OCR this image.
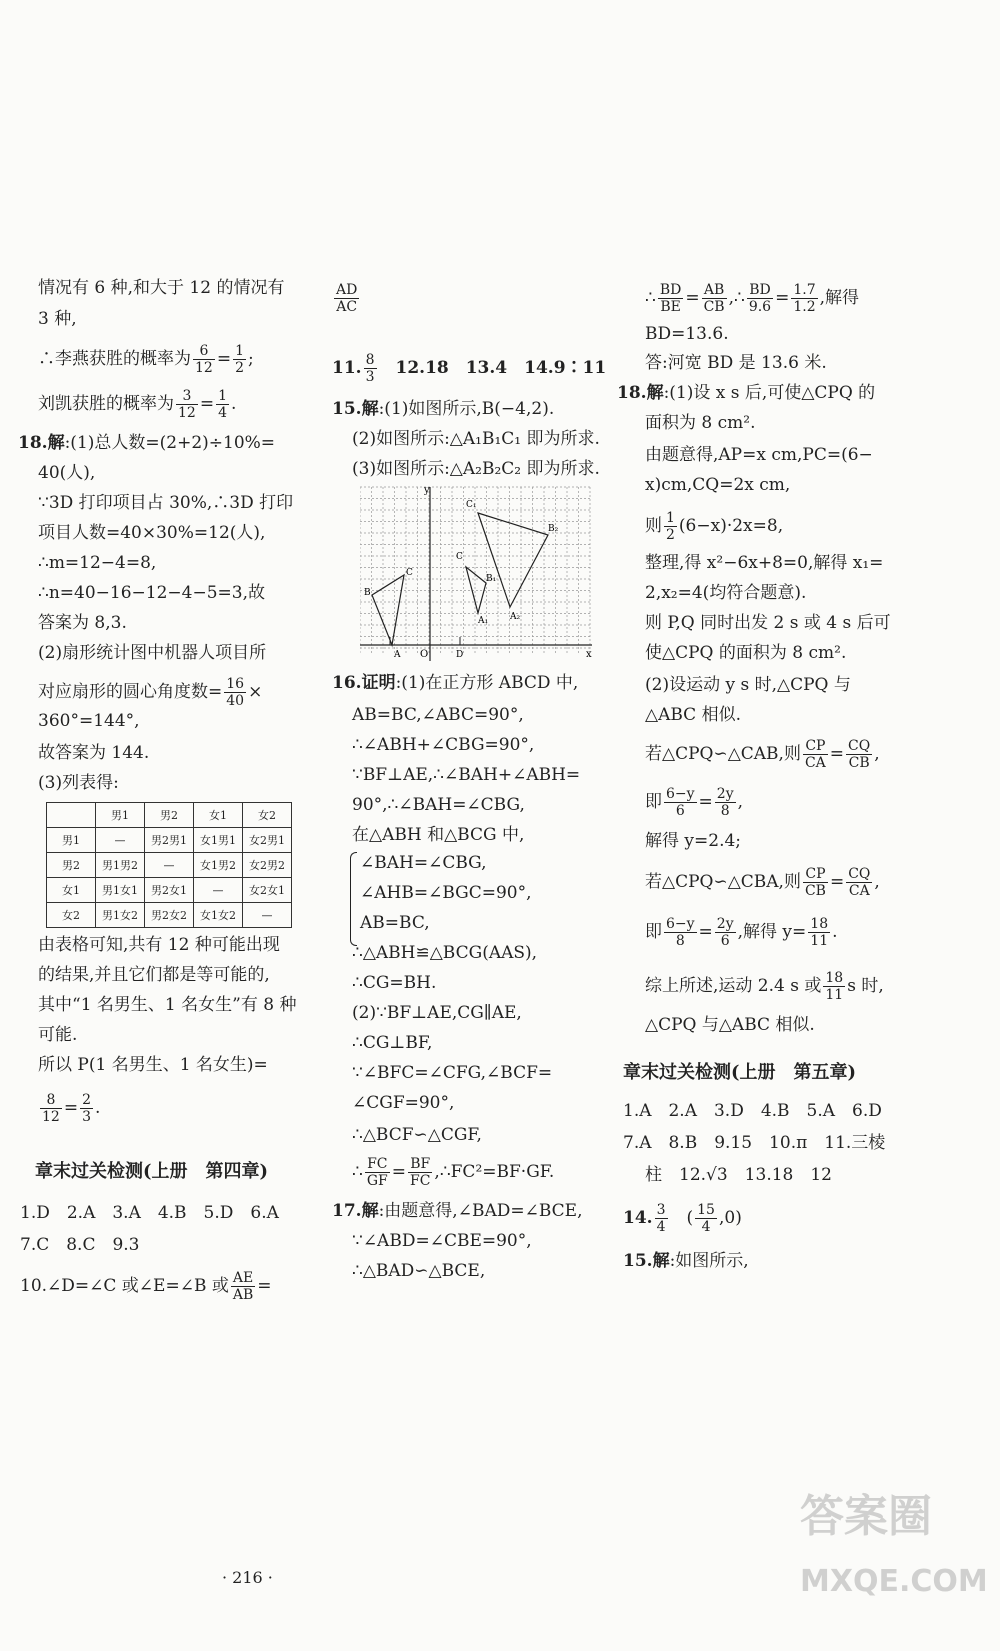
情况有 6 种,和大于 12 的情况有
3 种,
∴李燕获胜的概率为 $\frac{6}{12} = \frac{1}{2}$ ;
刘凯获胜的概率为 $\frac{3}{12} = \frac{1}{4}$ .
18.解:(1)总人数=(2+2)÷10%=
40(人),
∵3D 打印项目占 30%,∴3D 打印
项目人数=40×30%=12(人),
∴m=12−4=8,
∴n=40−16−12−4−5=3,故
答案为 8,3.
(2)扇形统计图中机器人项目所
对应扇形的圆心角度数= $\frac{16}{40}$ ×
360°=144°,
故答案为 144.
(3)列表得:
	男1	男2	女1	女2
男1	—	男2男1	女1男1	女2男1
男2	男1男2	—	女1男2	女2男2
女1	男1女1	男2女1	—	女2女1
女2	男1女2	男2女2	女1女2	—
由表格可知,共有 12 种可能出现
的结果,并且它们都是等可能的,
其中“1 名男生、1 名女生”有 8 种
可能.
所以 P(1 名男生、1 名女生)=
$\frac{8}{12} = \frac{2}{3}$ .
章末过关检测(上册　第四章)
1.D　2.A　3.A　4.B　5.D　6.A
7.C　8.C　9.3
10.∠D=∠C 或∠E=∠B 或 $\frac{AE}{AB}$ =
$\frac{AD}{AC}$
11. $\frac{8}{3}$ 　12.18　13.4　14.9∶11
15.解:(1)如图所示,B(−4,2).
(2)如图所示:△A₁B₁C₁ 即为所求.
(3)如图所示:△A₂B₂C₂ 即为所求.
x
y
O
B
C
A	D
C
B₁
A₁
C₁
B₂
A₂
16.证明:(1)在正方形 ABCD 中,
AB=BC,∠ABC=90°,
∴∠ABH+∠CBG=90°,
∵BF⊥AE,∴∠BAH+∠ABH=
90°,∴∠BAH=∠CBG,
在△ABH 和△BCG 中,
∠BAH=∠CBG,
∠AHB=∠BGC=90°,
AB=BC,
∴△ABH≌△BCG(AAS),
∴CG=BH.
(2)∵BF⊥AE,CG∥AE,
∴CG⊥BF,
∵∠BFC=∠CFG,∠BCF=
∠CGF=90°,
∴△BCF∽△CGF,
∴ $\frac{FC}{GF} = \frac{BF}{FC}$ ,∴FC²=BF·GF.
17.解:由题意得,∠BAD=∠BCE,
∵∠ABD=∠CBE=90°,
∴△BAD∽△BCE,
∴ $\frac{BD}{BE} = \frac{AB}{CB}$ ,∴ $\frac{BD}{9.6} = \frac{1.7}{1.2}$ ,解得
BD=13.6.
答:河宽 BD 是 13.6 米.
18.解:(1)设 x s 后,可使△CPQ 的
面积为 8 cm².
由题意得,AP=x cm,PC=(6−
x)cm,CQ=2x cm,
则 $\frac{1}{2} (6-x)\cdot 2x=8$,
整理,得 x²−6x+8=0,解得 x₁=
2,x₂=4(均符合题意).
则 P,Q 同时出发 2 s 或 4 s 后可
使△CPQ 的面积为 8 cm².
(2)设运动 y s 时,△CPQ 与
△ABC 相似.
若△CPQ∽△CAB,则 $\frac{CP}{CA} = \frac{CQ}{CB}$ ,
即 $\frac{6-y}{6} = \frac{2y}{8}$ ,
解得 y=2.4;
若△CPQ∽△CBA,则 $\frac{CP}{CB} = \frac{CQ}{CA}$ ,
即 $\frac{6-y}{8} = \frac{2y}{6}$ ,解得 $y= \frac{18}{11}$ .
综上所述,运动 2.4 s 或 $\frac{18}{11}$ s 时,
△CPQ 与△ABC 相似.
章末过关检测(上册　第五章)
1.A　2.A　3.D　4.B　5.A　6.D
7.A　8.B　9.15　10.π　11.三棱
柱　12.√3　13.18　12
14. $\frac{3}{4}$ 　( $\frac{15}{4} ,0$)
15.解:如图所示,
· 216 ·
答案圈
MXQE.COM
